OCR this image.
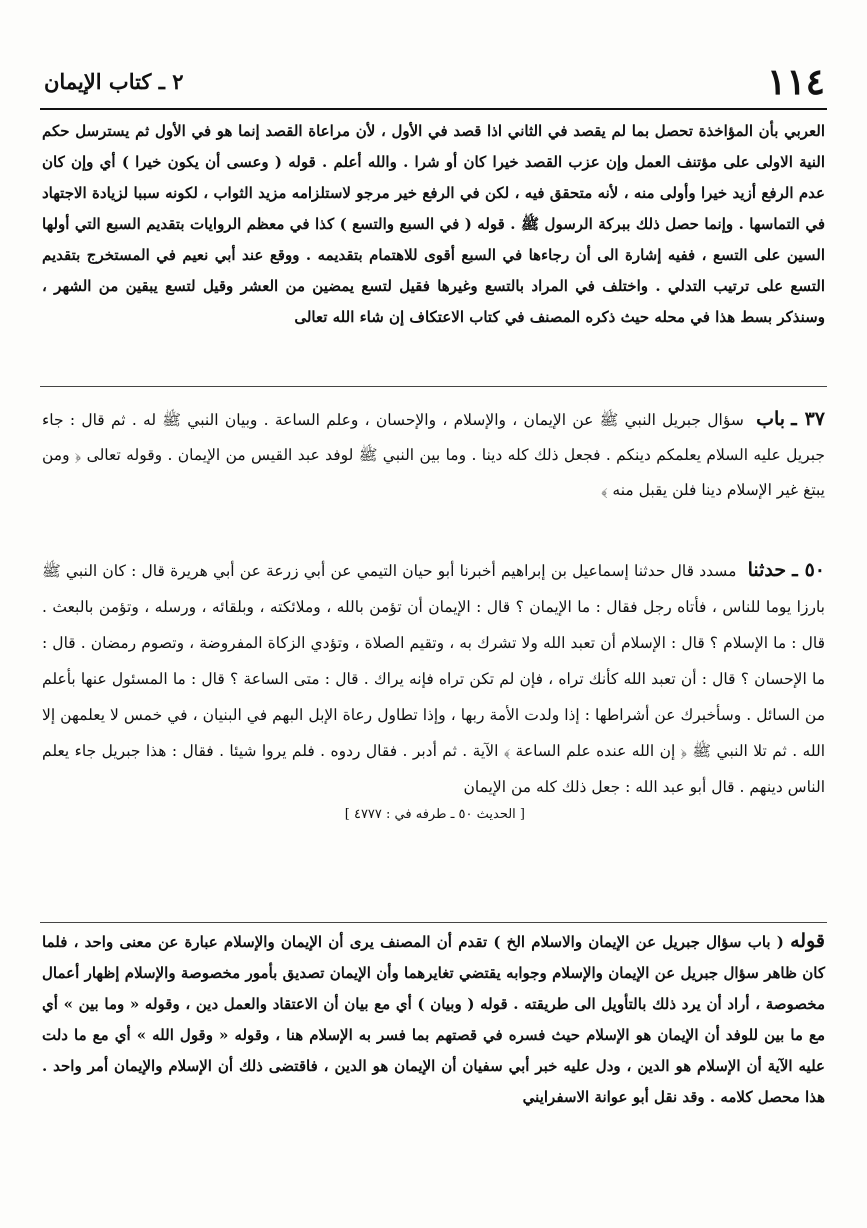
١١٤
٢ ـ كتاب الإيمان

العربي بأن المؤاخذة تحصل بما لم يقصد في الثاني اذا قصد في الأول ، لأن مراعاة القصد إنما هو في الأول ثم يسترسل حكم النية الاولى على مؤتنف العمل وإن عزب القصد خيرا كان أو شرا . والله أعلم . قوله ( وعسى أن يكون خيرا ) أي وإن كان عدم الرفع أزيد خيرا وأولى منه ، لأنه متحقق فيه ، لكن في الرفع خير مرجو لاستلزامه مزيد الثواب ، لكونه سببا لزيادة الاجتهاد في التماسها . وإنما حصل ذلك ببركة الرسول ﷺ . قوله ( في السبع والتسع ) كذا في معظم الروايات بتقديم السبع التي أولها السين على التسع ، ففيه إشارة الى أن رجاءها في السبع أقوى للاهتمام بتقديمه . ووقع عند أبي نعيم في المستخرج بتقديم التسع على ترتيب التدلي . واختلف في المراد بالتسع وغيرها فقيل لتسع يمضين من العشر وقيل لتسع يبقين من الشهر ، وسنذكر بسط هذا في محله حيث ذكره المصنف في كتاب الاعتكاف إن شاء الله تعالى

٣٧ ـباب سؤال جبريل النبي ﷺ عن الإيمان ، والإسلام ، والإحسان ، وعلم الساعة . وبيان النبي ﷺ له . ثم قال : جاء جبريل عليه السلام يعلمكم دينكم . فجعل ذلك كله دينا . وما بين النبي ﷺ لوفد عبد القيس من الإيمان . وقوله تعالى ﴿ ومن يبتغ غير الإسلام دينا فلن يقبل منه ﴾

٥٠ ـحدثنا مسدد قال حدثنا إسماعيل بن إبراهيم أخبرنا أبو حيان التيمي عن أبي زرعة عن أبي هريرة قال : كان النبي ﷺ بارزا يوما للناس ، فأتاه رجل فقال : ما الإيمان ؟ قال : الإيمان أن تؤمن بالله ، وملائكته ، وبلقائه ، ورسله ، وتؤمن بالبعث . قال : ما الإسلام ؟ قال : الإسلام أن تعبد الله ولا تشرك به ، وتقيم الصلاة ، وتؤدي الزكاة المفروضة ، وتصوم رمضان . قال : ما الإحسان ؟ قال : أن تعبد الله كأنك تراه ، فإن لم تكن تراه فإنه يراك . قال : متى الساعة ؟ قال : ما المسئول عنها بأعلم من السائل . وسأخبرك عن أشراطها : إذا ولدت الأمة ربها ، وإذا تطاول رعاة الإبل البهم في البنيان ، في خمس لا يعلمهن إلا الله . ثم تلا النبي ﷺ ﴿ إن الله عنده علم الساعة ﴾ الآية . ثم أدبر . فقال ردوه . فلم يروا شيئا . فقال : هذا جبريل جاء يعلم الناس دينهم . قال أبو عبد الله : جعل ذلك كله من الإيمان

[ الحديث ٥٠ ـ طرفه في : ٤٧٧٧ ]

قوله ( باب سؤال جبريل عن الإيمان والاسلام الخ ) تقدم أن المصنف يرى أن الإيمان والإسلام عبارة عن معنى واحد ، فلما كان ظاهر سؤال جبريل عن الإيمان والإسلام وجوابه يقتضي تغايرهما وأن الإيمان تصديق بأمور مخصوصة والإسلام إظهار أعمال مخصوصة ، أراد أن يرد ذلك بالتأويل الى طريقته . قوله ( وبيان ) أي مع بيان أن الاعتقاد والعمل دين ، وقوله « وما بين » أي مع ما بين للوفد أن الإيمان هو الإسلام حيث فسره في قصتهم بما فسر به الإسلام هنا ، وقوله « وقول الله » أي مع ما دلت عليه الآية أن الإسلام هو الدين ، ودل عليه خبر أبي سفيان أن الإيمان هو الدين ، فاقتضى ذلك أن الإسلام والإيمان أمر واحد . هذا محصل كلامه . وقد نقل أبو عوانة الاسفرايني
